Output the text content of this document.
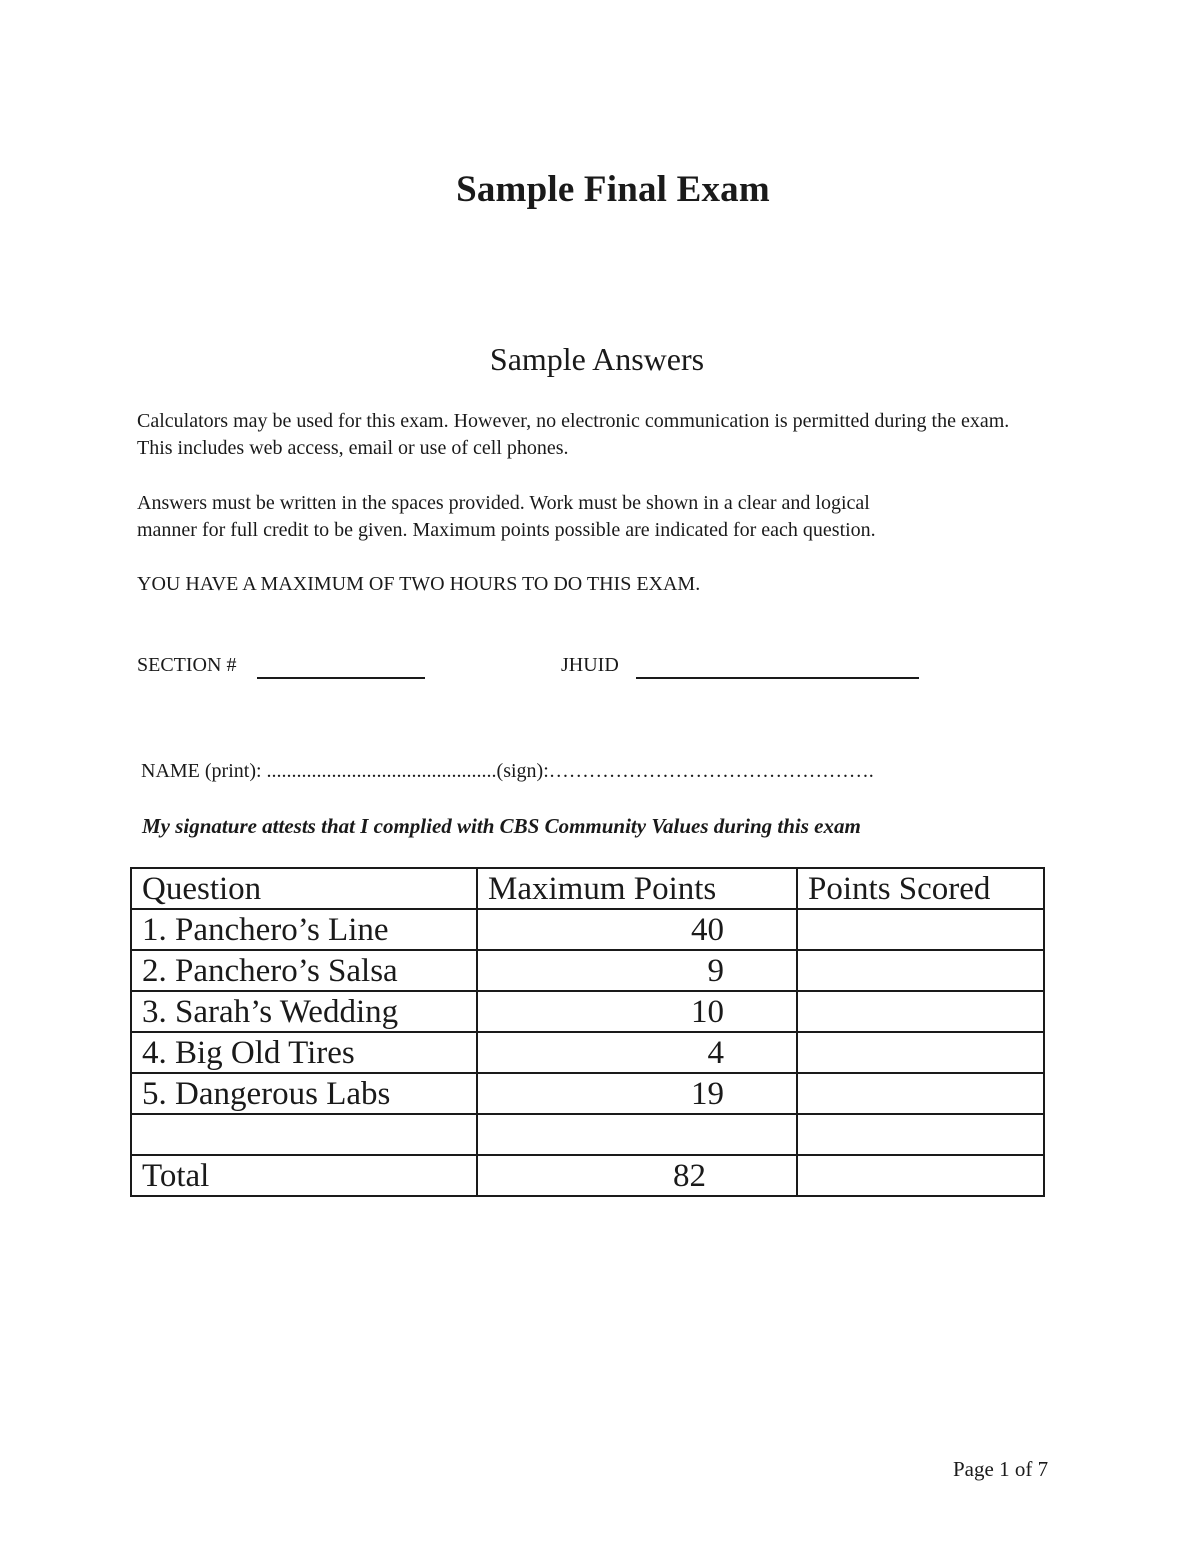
Sample Final Exam
Sample Answers
Calculators may be used for this exam. However, no electronic communication is permitted during the exam.
This includes web access, email or use of cell phones.
Answers must be written in the spaces provided. Work must be shown in a clear and logical
manner for full credit to be given. Maximum points possible are indicated for each question.
YOU HAVE A MAXIMUM OF TWO HOURS TO DO THIS EXAM.
SECTION #	JHUID
NAME (print): ..............................................(sign):………………………………………….
My signature attests that I complied with CBS Community Values during this exam
Question	Maximum Points	Points Scored
1. Panchero’s Line	40	
2. Panchero’s Salsa	9	
3. Sarah’s Wedding	10	
4. Big Old Tires	4	
5. Dangerous Labs	19	

Total	82	
Page 1 of 7
